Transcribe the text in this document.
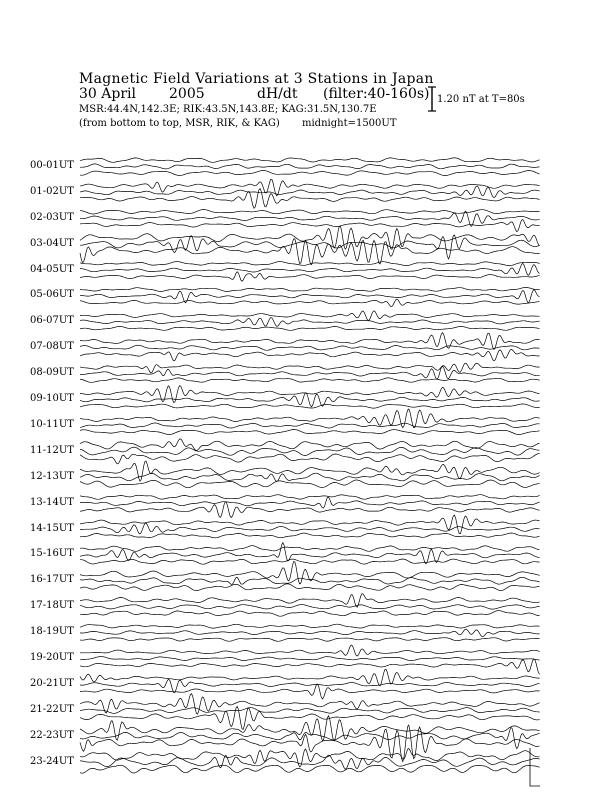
Magnetic Field Variations at 3 Stations in Japan
30 April 2005	dH/dt (filter:40-160s)
MSR:44.4N,142.3E; RIK:43.5N,143.8E; KAG:31.5N,130.7E
(from bottom to top, MSR, RIK, & KAG) midnight=1500UT
1.20 nT at T=80s
00-01UT
01-02UT
02-03UT
03-04UT
04-05UT
05-06UT
06-07UT
07-08UT
08-09UT
09-10UT
10-11UT
11-12UT
12-13UT
13-14UT
14-15UT
15-16UT
16-17UT
17-18UT
18-19UT
19-20UT
20-21UT
21-22UT
22-23UT
23-24UT
